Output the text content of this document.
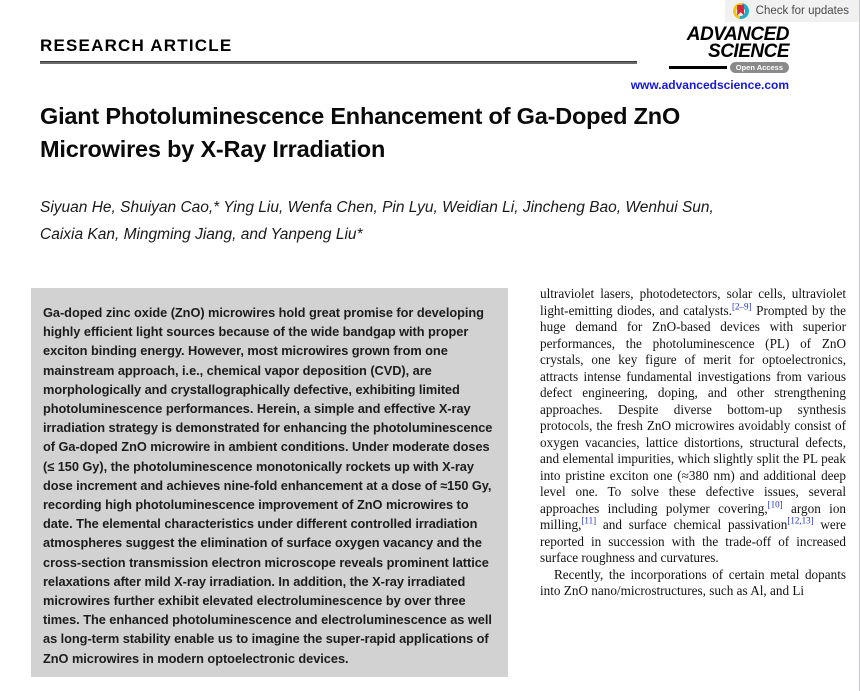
Check for updates
RESEARCH ARTICLE
ADVANCED
SCIENCE
Open Access
www.advancedscience.com
Giant Photoluminescence Enhancement of Ga-Doped ZnO Microwires by X-Ray Irradiation
Siyuan He, Shuiyan Cao,* Ying Liu, Wenfa Chen, Pin Lyu, Weidian Li, Jincheng Bao, Wenhui Sun, Caixia Kan, Mingming Jiang, and Yanpeng Liu*
Ga-doped zinc oxide (ZnO) microwires hold great promise for developing highly efficient light sources because of the wide bandgap with proper exciton binding energy. However, most microwires grown from one mainstream approach, i.e., chemical vapor deposition (CVD), are morphologically and crystallographically defective, exhibiting limited photoluminescence performances. Herein, a simple and effective X-ray irradiation strategy is demonstrated for enhancing the photoluminescence of Ga-doped ZnO microwire in ambient conditions. Under moderate doses (≤ 150 Gy), the photoluminescence monotonically rockets up with X-ray dose increment and achieves nine-fold enhancement at a dose of ≈150 Gy, recording high photoluminescence improvement of ZnO microwires to date. The elemental characteristics under different controlled irradiation atmospheres suggest the elimination of surface oxygen vacancy and the cross-section transmission electron microscope reveals prominent lattice relaxations after mild X-ray irradiation. In addition, the X-ray irradiated microwires further exhibit elevated electroluminescence by over three times. The enhanced photoluminescence and electroluminescence as well as long-term stability enable us to imagine the super-rapid applications of ZnO microwires in modern optoelectronic devices.

ultraviolet lasers, photodetectors, solar cells, ultraviolet light-emitting diodes, and catalysts.[2–9] Prompted by the huge demand for ZnO-based devices with superior performances, the photoluminescence (PL) of ZnO crystals, one key figure of merit for optoelectronics, attracts intense fundamental investigations from various defect engineering, doping, and other strengthening approaches. Despite diverse bottom-up synthesis protocols, the fresh ZnO microwires avoidably consist of oxygen vacancies, lattice distortions, structural defects, and elemental impurities, which slightly split the PL peak into pristine exciton one (≈380 nm) and additional deep level one. To solve these defective issues, several approaches including polymer covering,[10] argon ion milling,[11] and surface chemical passivation[12,13] were reported in succession with the trade-off of increased surface roughness and curvatures.

Recently, the incorporations of certain metal dopants into ZnO nano/microstructures, such as Al, and Li
